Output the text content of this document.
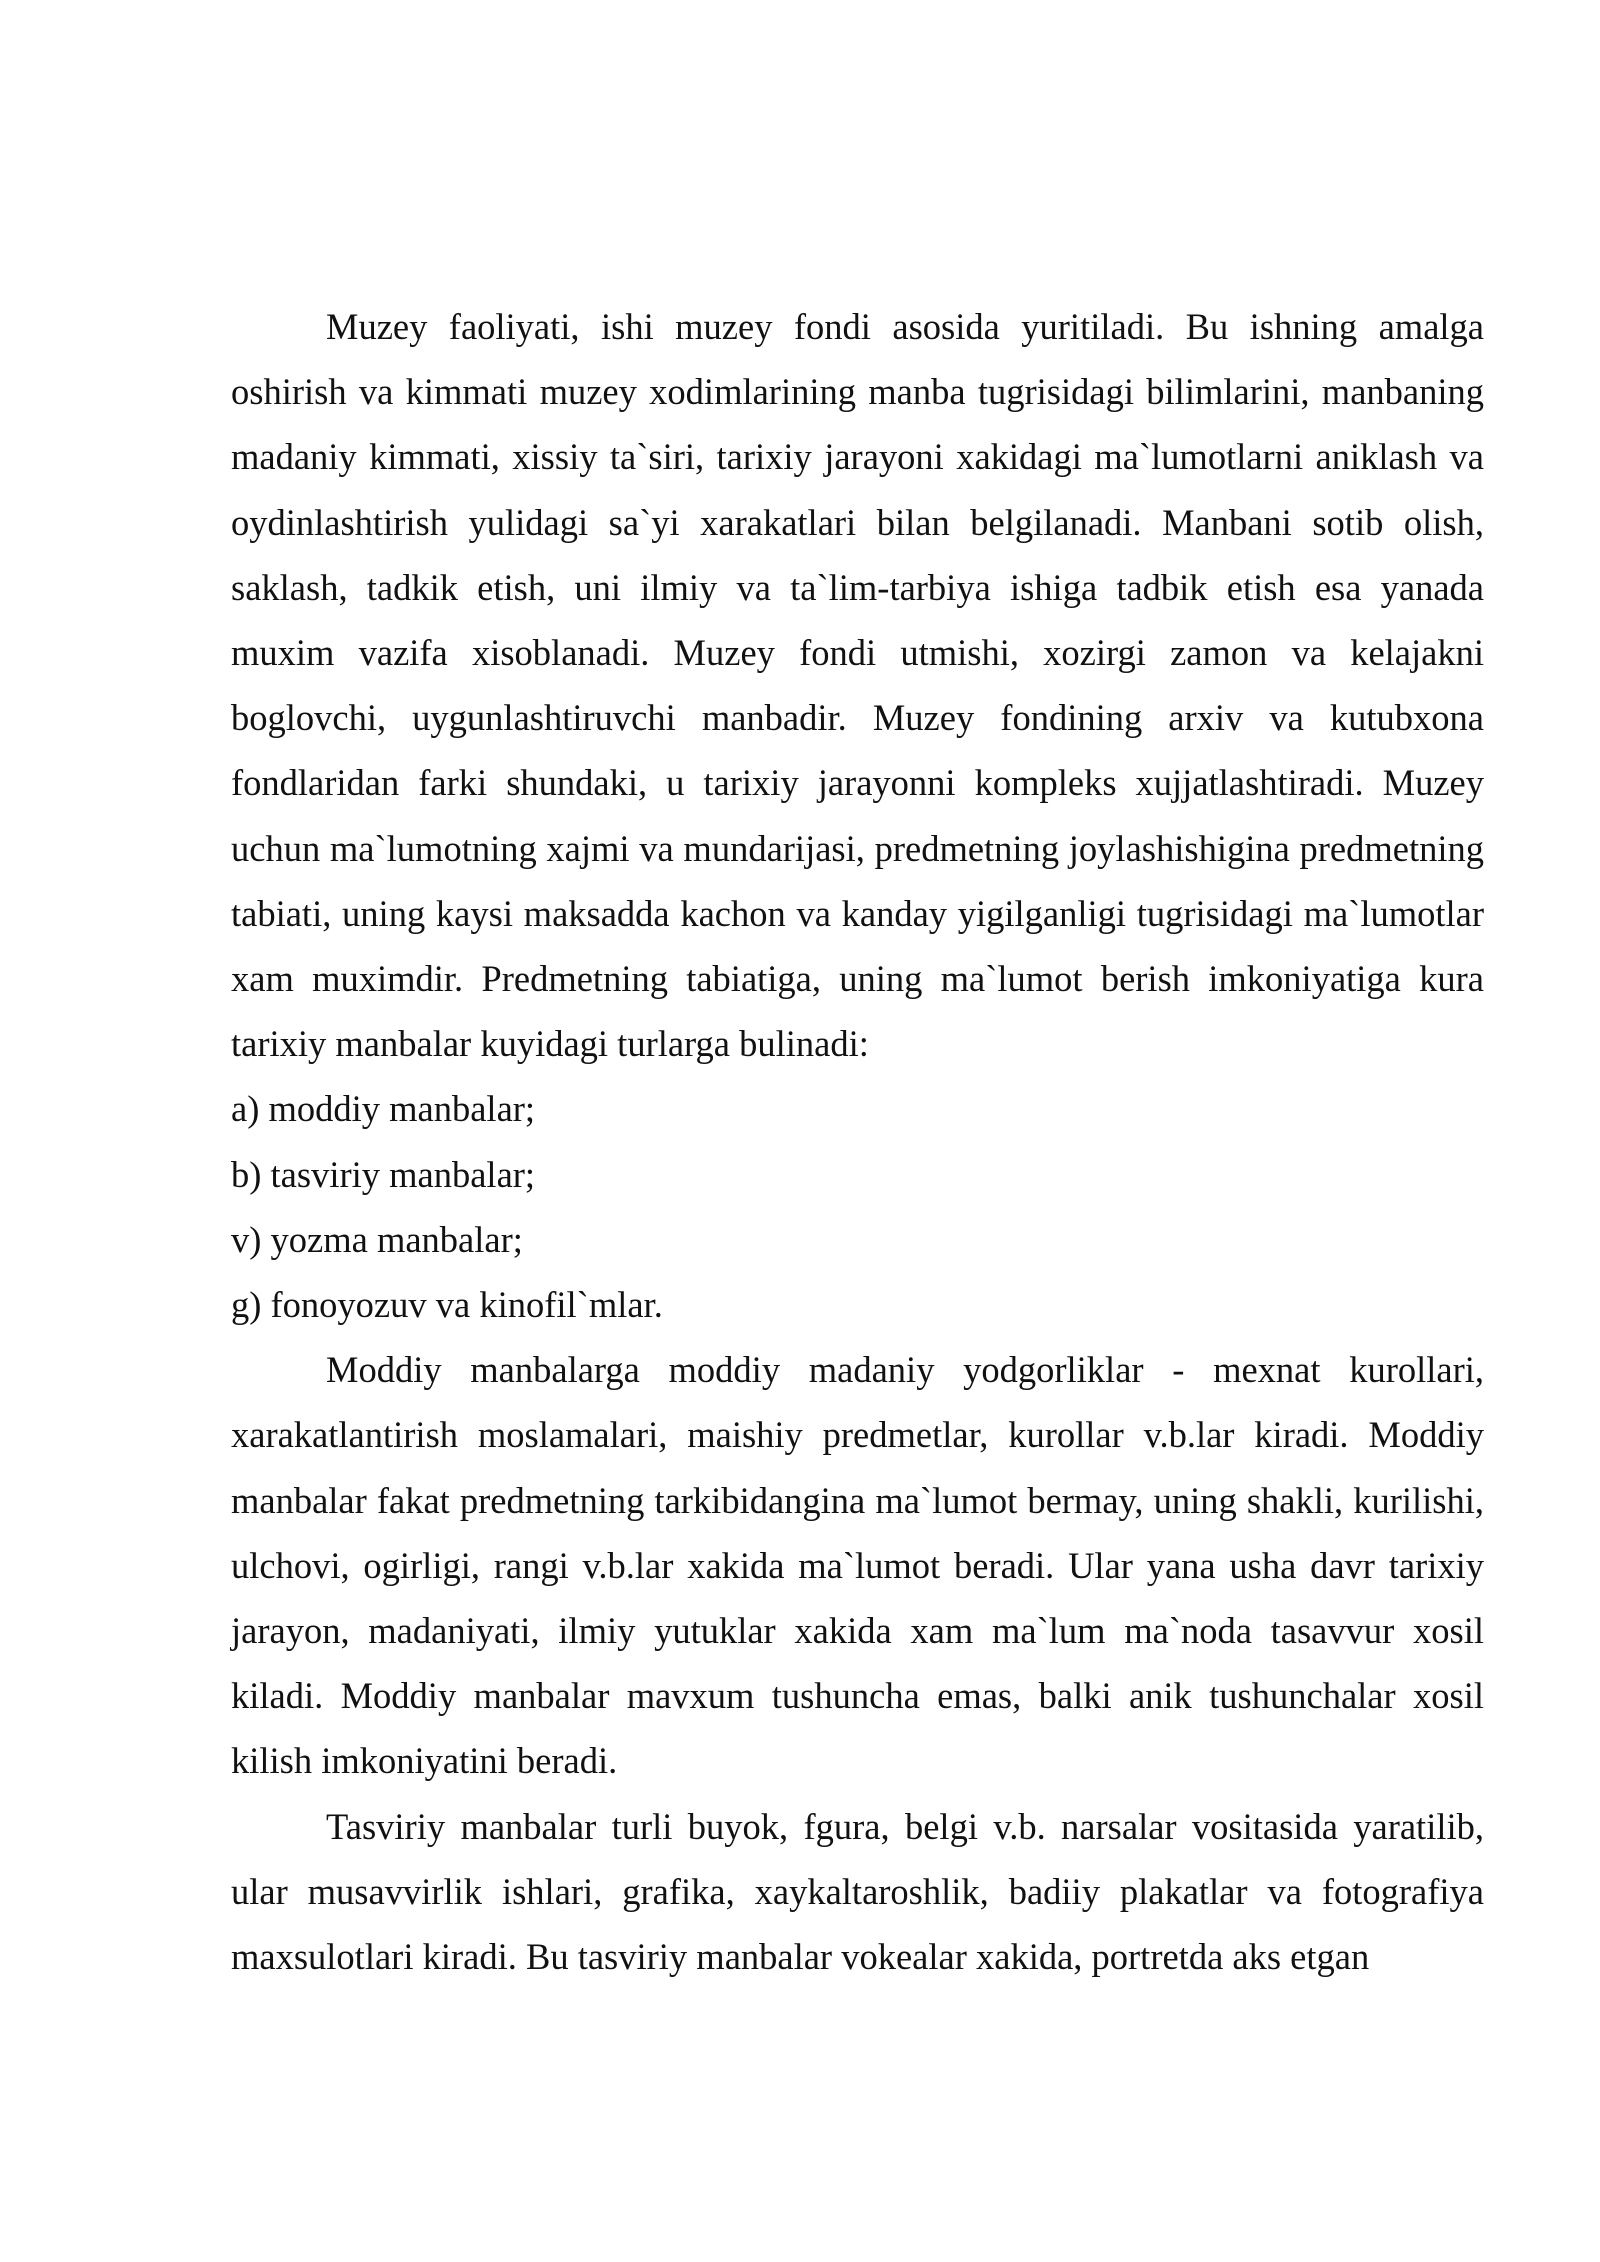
Muzey faoliyati, ishi muzey fondi asosida yuritiladi. Bu ishning amalga oshirish va kimmati muzey xodimlarining manba tugrisidagi bilimlarini, manbaning madaniy kimmati, xissiy ta`siri, tarixiy jarayoni xakidagi ma`lumotlarni aniklash va oydinlashtirish yulidagi sa`yi xarakatlari bilan belgilanadi. Manbani sotib olish, saklash, tadkik etish, uni ilmiy va ta`lim-tarbiya ishiga tadbik etish esa yanada muxim vazifa xisoblanadi. Muzey fondi utmishi, xozirgi zamon va kelajakni boglovchi, uygunlashtiruvchi manbadir. Muzey fondining arxiv va kutubxona fondlaridan farki shundaki, u tarixiy jarayonni kompleks xujjatlashtiradi. Muzey uchun ma`lumotning xajmi va mundarijasi, predmetning joylashishigina predmetning tabiati, uning kaysi maksadda kachon va kanday yigilganligi tugrisidagi ma`lumotlar xam muximdir. Predmetning tabiatiga, uning ma`lumot berish imkoniyatiga kura tarixiy manbalar kuyidagi turlarga bulinadi:

a) moddiy manbalar;

b) tasviriy manbalar;

v) yozma manbalar;

g) fonoyozuv va kinofil`mlar.

Moddiy manbalarga moddiy madaniy yodgorliklar - mexnat kurollari, xarakatlantirish moslamalari, maishiy predmetlar, kurollar v.b.lar kiradi. Moddiy manbalar fakat predmetning tarkibidangina ma`lumot bermay, uning shakli, kurilishi, ulchovi, ogirligi, rangi v.b.lar xakida ma`lumot beradi. Ular yana usha davr tarixiy jarayon, madaniyati, ilmiy yutuklar xakida xam ma`lum ma`noda tasavvur xosil kiladi. Moddiy manbalar mavxum tushuncha emas, balki anik tushunchalar xosil kilish imkoniyatini beradi.

Tasviriy manbalar turli buyok, fgura, belgi v.b. narsalar vositasida yaratilib, ular musavvirlik ishlari, grafika, xaykaltaroshlik, badiiy plakatlar va fotografiya maxsulotlari kiradi. Bu tasviriy manbalar vokealar xakida, portretda aks etgan
